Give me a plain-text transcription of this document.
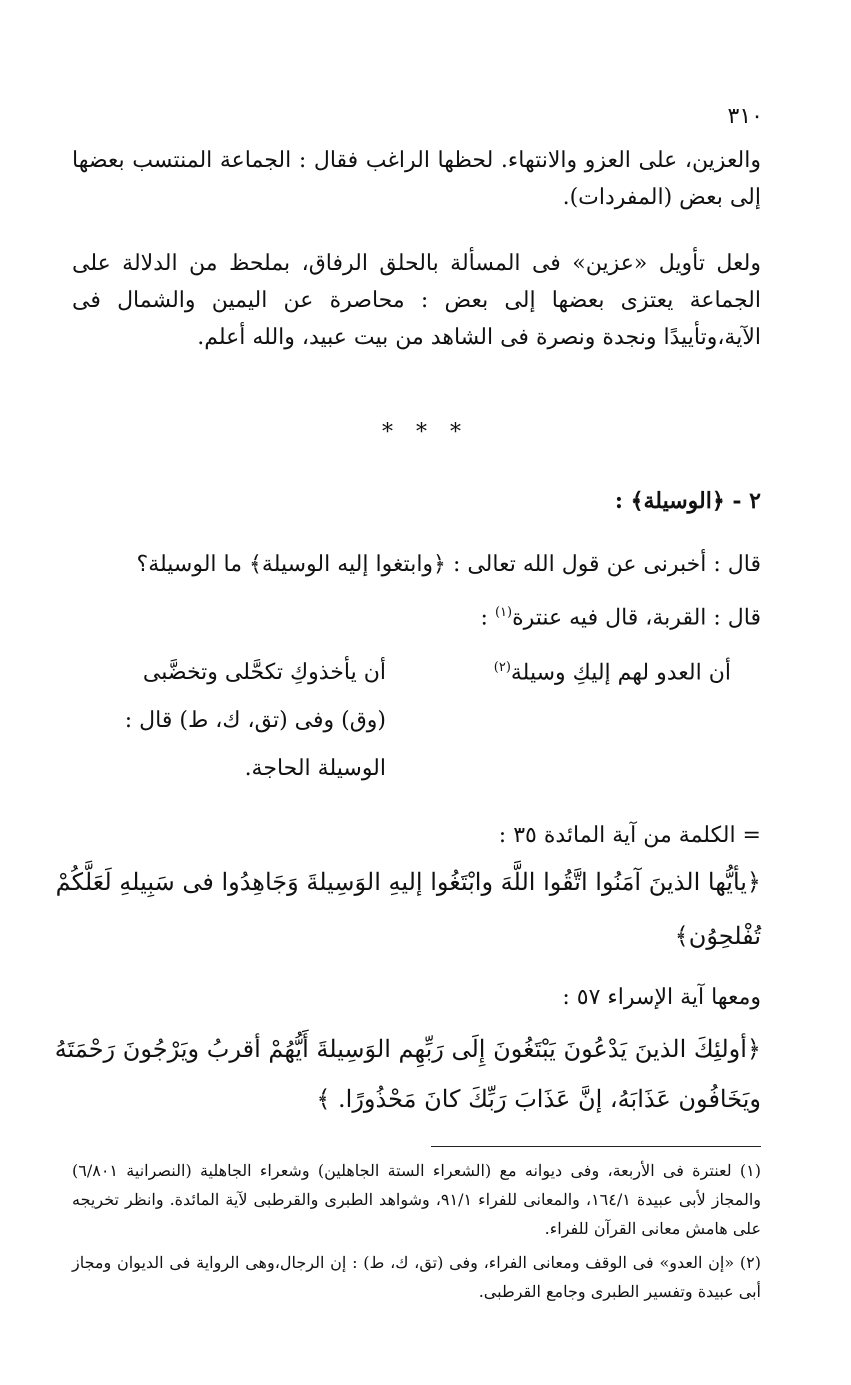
٣١٠
والعزين، على العزو والانتهاء. لحظها الراغب فقال : الجماعة المنتسب بعضها إلى بعض (المفردات).
ولعل تأويل «عزين» فى المسألة بالحلق الرفاق، بملحظ من الدلالة على الجماعة يعتزى بعضها إلى بعض : محاصرة عن اليمين والشمال فى الآية،وتأييدًا ونجدة ونصرة فى الشاهد من بيت عبيد، والله أعلم.
* * *
٢ - ﴿الوسيلة﴾ :
قال : أخبرنى عن قول الله تعالى : ﴿وابتغوا إليه الوسيلة﴾ ما الوسيلة؟
قال : القربة، قال فيه عنترة$^{(١)}$ :
أن العدو لهم إليكِ وسيلة$^{(٢)}$
أن يأخذوكِ تكحَّلى وتخضَّبى
(وق) وفى (تق، ك، ط) قال :
الوسيلة الحاجة.
= الكلمة من آية المائدة ٣٥ :
﴿يأيُّها الذينَ آمَنُوا اتَّقُوا اللَّهَ وابْتَغُوا إليهِ الوَسِيلةَ وَجَاهِدُوا فى سَبِيلهِ لَعَلَّكُمْ
تُفْلحِوُن﴾
ومعها آية الإسراء ٥٧ :
﴿أولئِكَ الذينَ يَدْعُونَ يَبْتَغُونَ إِلَى رَبِّهِم الوَسِيلةَ أَيُّهُمْ أقربُ ويَرْجُونَ رَحْمَتَهُ
ويَخَافُون عَذَابَهُ، إنَّ عَذَابَ رَبِّكَ كانَ مَحْذُورًا. ﴾
(١) لعنترة فى الأربعة، وفى ديوانه مع (الشعراء الستة الجاهلين) وشعراء الجاهلية (النصرانية ٦/٨٠١) والمجاز لأبى عبيدة ١٦٤/١، والمعانى للفراء ٩١/١، وشواهد الطبرى والقرطبى لآية المائدة. وانظر تخريجه على هامش معانى القرآن للفراء.
(٢) «إن العدو» فى الوقف ومعانى الفراء، وفى (تق، ك، ط) : إن الرجال،وهى الرواية فى الديوان ومجاز أبى عبيدة وتفسير الطبرى وجامع القرطبى.
